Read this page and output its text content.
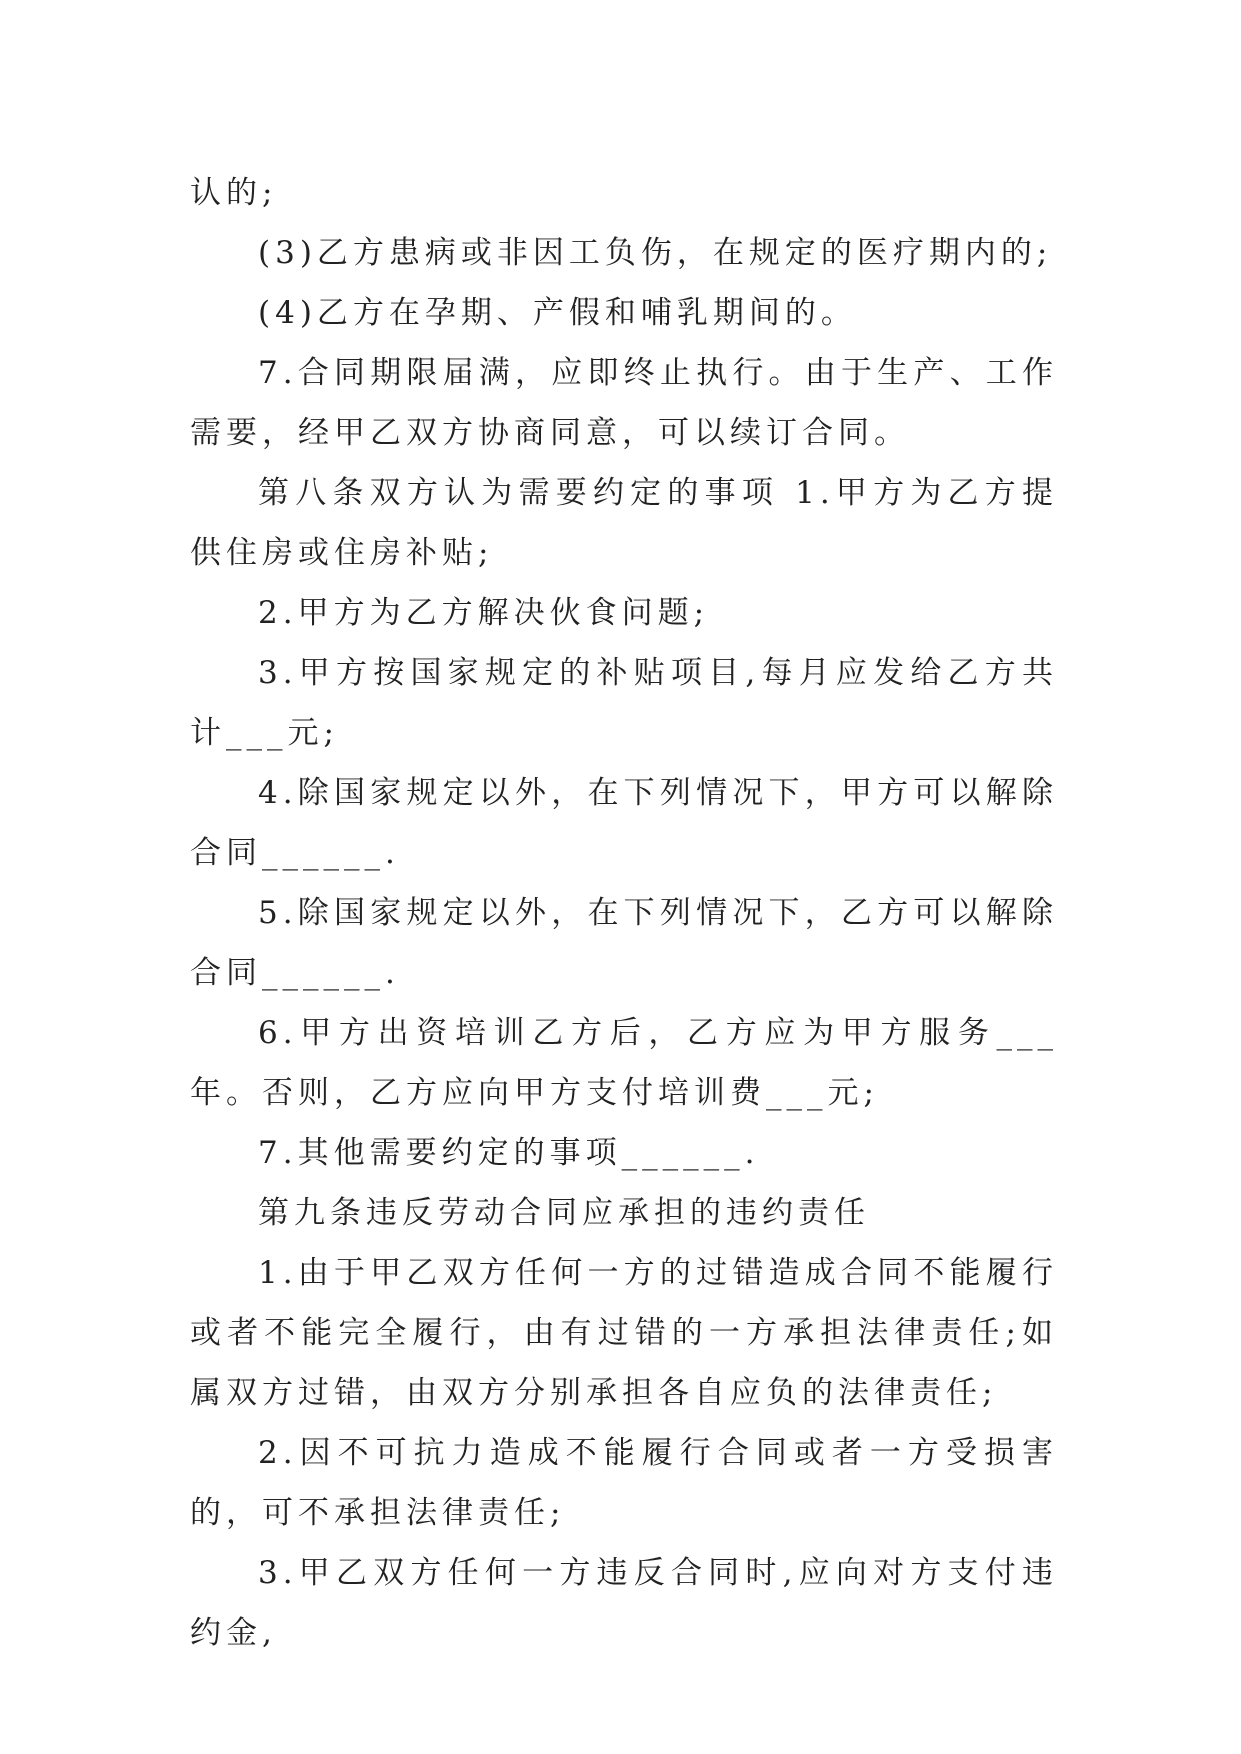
认的;

(3)乙方患病或非因工负伤，在规定的医疗期内的;

(4)乙方在孕期、产假和哺乳期间的。

7.合同期限届满，应即终止执行。由于生产、工作需要，经甲乙双方协商同意，可以续订合同。

第八条双方认为需要约定的事项 1.甲方为乙方提供住房或住房补贴;

2.甲方为乙方解决伙食问题;

3.甲方按国家规定的补贴项目,每月应发给乙方共计___元;

4.除国家规定以外，在下列情况下，甲方可以解除合同______.

5.除国家规定以外，在下列情况下，乙方可以解除合同______.

6.甲方出资培训乙方后，乙方应为甲方服务___年。否则，乙方应向甲方支付培训费___元;

7.其他需要约定的事项______.

第九条违反劳动合同应承担的违约责任

1.由于甲乙双方任何一方的过错造成合同不能履行或者不能完全履行，由有过错的一方承担法律责任;如属双方过错，由双方分别承担各自应负的法律责任;

2.因不可抗力造成不能履行合同或者一方受损害的，可不承担法律责任;

3.甲乙双方任何一方违反合同时,应向对方支付违约金,
